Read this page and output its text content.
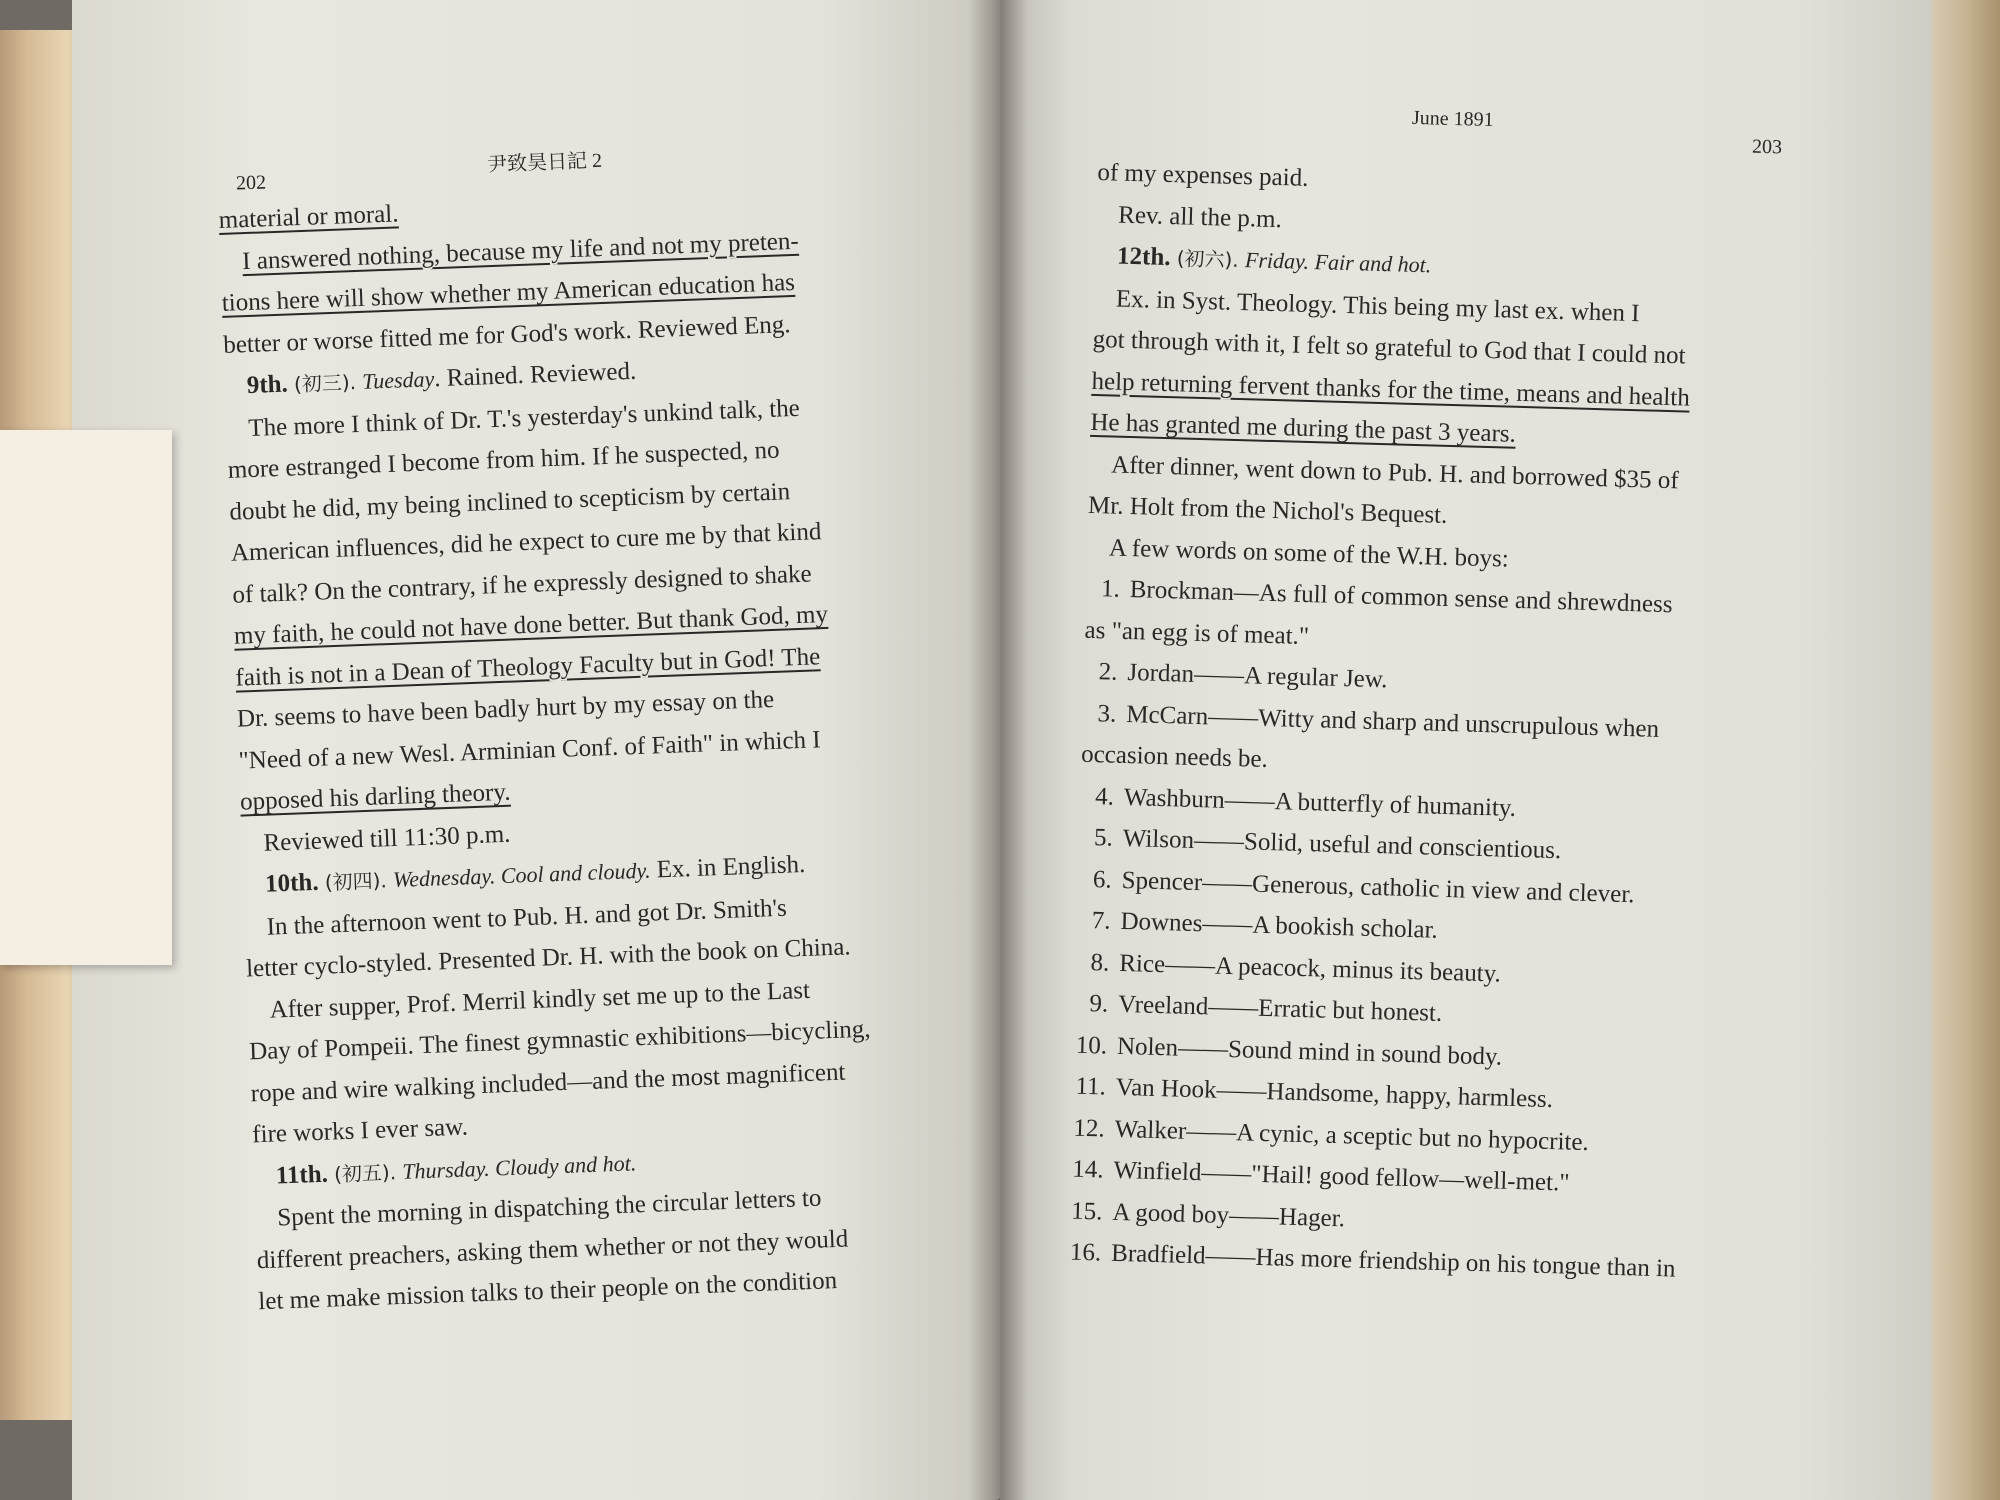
202
尹致昊日記 2

material or moral.

I answered nothing, because my life and not my preten-

tions here will show whether my American education has

better or worse fitted me for God's work. Reviewed Eng.

9th. (初三). Tuesday. Rained. Reviewed.

The more I think of Dr. T.'s yesterday's unkind talk, the

more estranged I become from him. If he suspected, no

doubt he did, my being inclined to scepticism by certain

American influences, did he expect to cure me by that kind

of talk? On the contrary, if he expressly designed to shake

my faith, he could not have done better. But thank God, my

faith is not in a Dean of Theology Faculty but in God! The

Dr. seems to have been badly hurt by my essay on the

"Need of a new Wesl. Arminian Conf. of Faith" in which I

opposed his darling theory.

Reviewed till 11:30 p.m.

10th. (初四). Wednesday. Cool and cloudy. Ex. in English.

In the afternoon went to Pub. H. and got Dr. Smith's

letter cyclo-styled. Presented Dr. H. with the book on China.

After supper, Prof. Merril kindly set me up to the Last

Day of Pompeii. The finest gymnastic exhibitions—bicycling,

rope and wire walking included—and the most magnificent

fire works I ever saw.

11th. (初五). Thursday. Cloudy and hot.

Spent the morning in dispatching the circular letters to

different preachers, asking them whether or not they would

let me make mission talks to their people on the condition

June 1891
203

of my expenses paid.

Rev. all the p.m.

12th. (初六). Friday. Fair and hot.

Ex. in Syst. Theology. This being my last ex. when I

got through with it, I felt so grateful to God that I could not

help returning fervent thanks for the time, means and health

He has granted me during the past 3 years.

After dinner, went down to Pub. H. and borrowed $35 of

Mr. Holt from the Nichol's Bequest.

A few words on some of the W.H. boys:

1. Brockman—As full of common sense and shrewdness

as "an egg is of meat."

2. Jordan——A regular Jew.

3. McCarn——Witty and sharp and unscrupulous when

occasion needs be.

4. Washburn——A butterfly of humanity.

5. Wilson——Solid, useful and conscientious.

6. Spencer——Generous, catholic in view and clever.

7. Downes——A bookish scholar.

8. Rice——A peacock, minus its beauty.

9. Vreeland——Erratic but honest.

10. Nolen——Sound mind in sound body.

11. Van Hook——Handsome, happy, harmless.

12. Walker——A cynic, a sceptic but no hypocrite.

14. Winfield——"Hail! good fellow—well-met."

15. A good boy——Hager.

16. Bradfield——Has more friendship on his tongue than in
